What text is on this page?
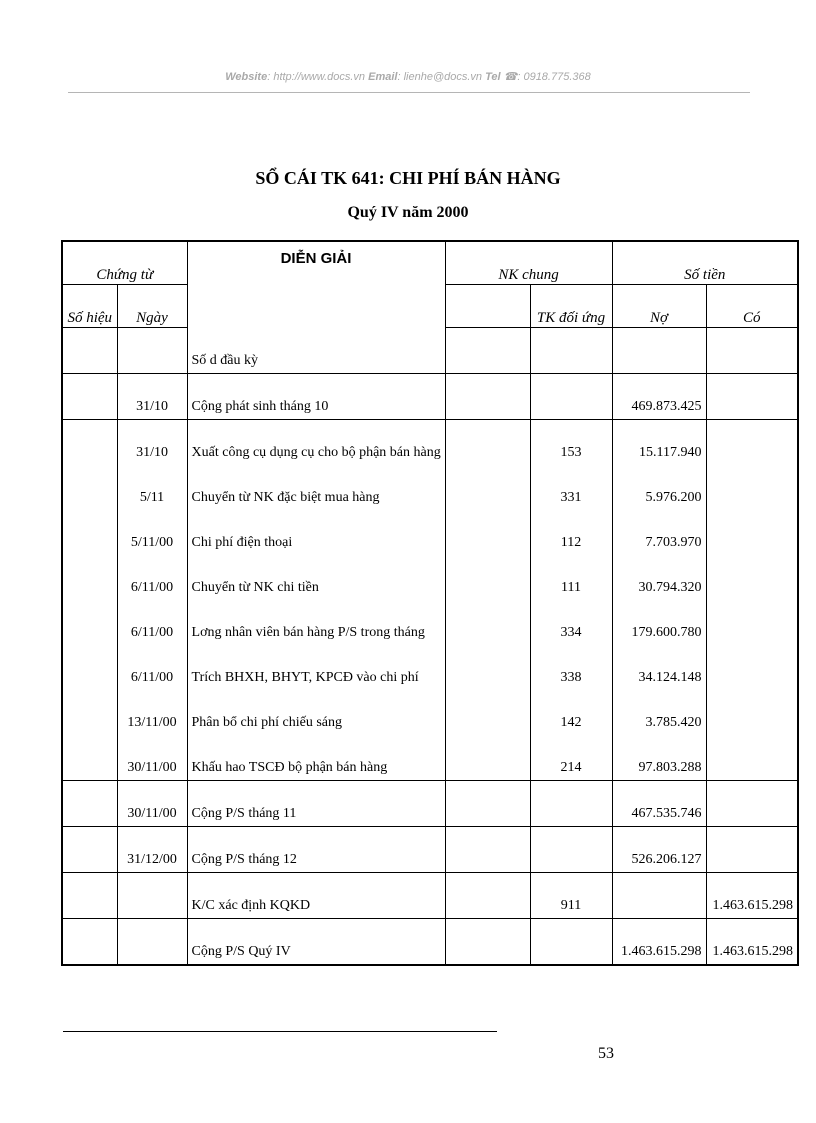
Website: http://www.docs.vn Email: lienhe@docs.vn Tel ☎: 0918.775.368
SỔ CÁI TK 641: CHI PHÍ BÁN HÀNG
Quý IV năm 2000
Chứng từ		DIỄN GIẢI	NK chung		Số tiền	
Số hiệu	Ngày			TK đối ứng	Nợ	Có
		Số d đầu kỳ				
	31/10	Cộng phát sinh tháng 10			469.873.425	
	31/10	Xuất công cụ dụng cụ cho bộ phận bán hàng		153	15.117.940	
	5/11	Chuyển từ NK đặc biệt mua hàng		331	5.976.200	
	5/11/00	Chi phí điện thoại		112	7.703.970	
	6/11/00	Chuyển từ NK chi tiền		111	30.794.320	
	6/11/00	Lơng nhân viên bán hàng P/S trong tháng		334	179.600.780	
	6/11/00	Trích BHXH, BHYT, KPCĐ vào chi phí		338	34.124.148	
	13/11/00	Phân bổ chi phí chiếu sáng		142	3.785.420	
	30/11/00	Khấu hao TSCĐ bộ phận bán hàng		214	97.803.288	
	30/11/00	Cộng P/S tháng 11			467.535.746	
	31/12/00	Cộng P/S tháng 12			526.206.127	
		K/C xác định KQKD		911		1.463.615.298
		Cộng P/S Quý IV			1.463.615.298	1.463.615.298
53
